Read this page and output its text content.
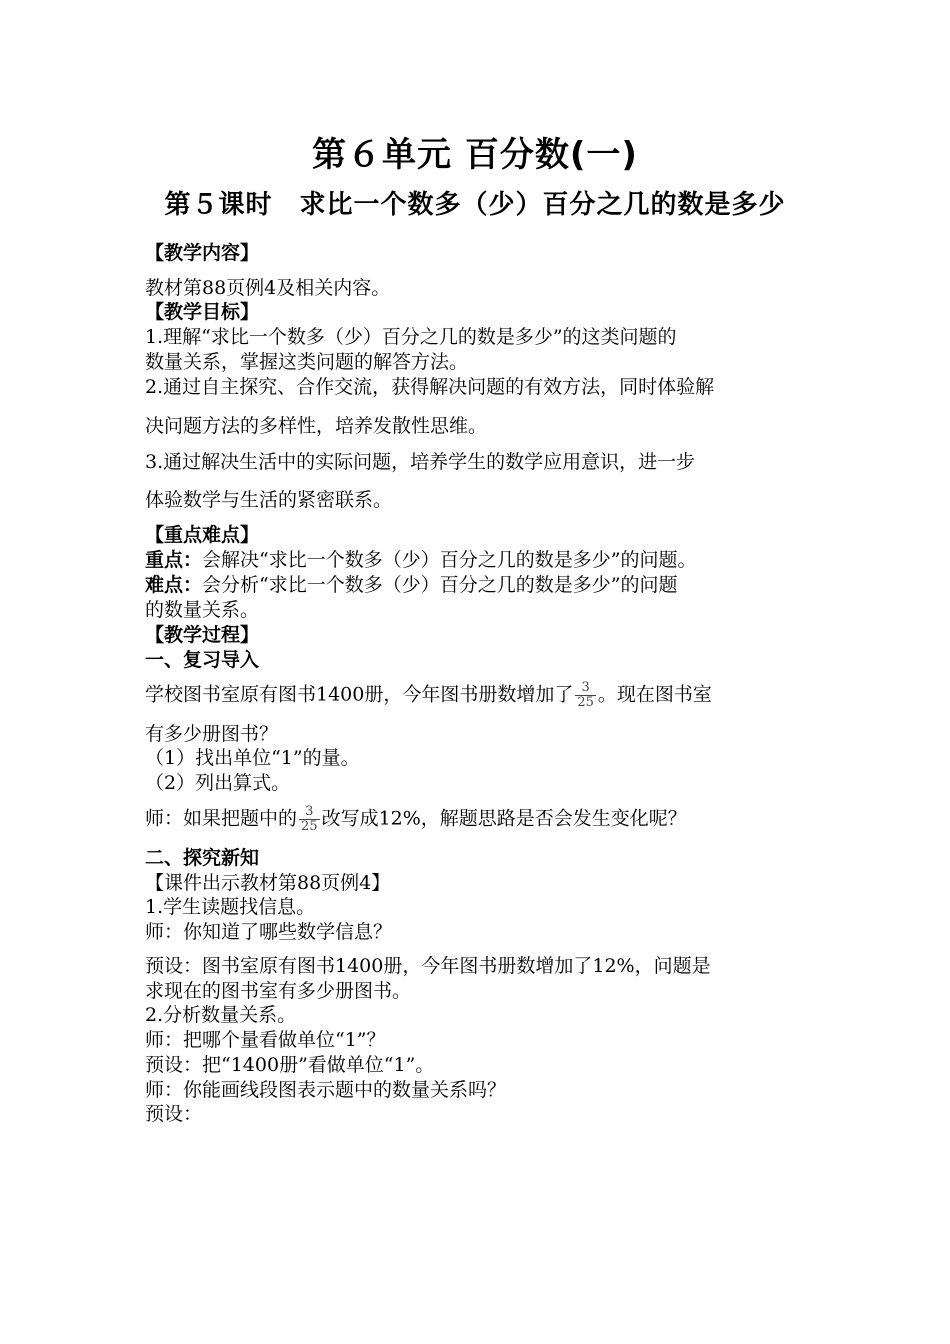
第６单元 百分数(一)
第５课时　求比一个数多（少）百分之几的数是多少
【教学内容】
教材第88页例4及相关内容。
【教学目标】
1.理解“求比一个数多（少）百分之几的数是多少”的这类问题的
数量关系，掌握这类问题的解答方法。
2.通过自主探究、合作交流，获得解决问题的有效方法，同时体验解
决问题方法的多样性，培养发散性思维。
3.通过解决生活中的实际问题，培养学生的数学应用意识，进一步
体验数学与生活的紧密联系。
【重点难点】
重点：会解决“求比一个数多（少）百分之几的数是多少”的问题。
难点：会分析“求比一个数多（少）百分之几的数是多少”的问题
的数量关系。
【教学过程】
一、复习导入
学校图书室原有图书1400册，今年图书册数增加了 $\frac{3}{25}$ 。现在图书室
有多少册图书？
（1）找出单位“1”的量。
（2）列出算式。
师：如果把题中的 $\frac{3}{25}$ 改写成12%，解题思路是否会发生变化呢？
二、探究新知
【课件出示教材第88页例4】
1.学生读题找信息。
师：你知道了哪些数学信息？
预设：图书室原有图书1400册，今年图书册数增加了12%，问题是
求现在的图书室有多少册图书。
2.分析数量关系。
师：把哪个量看做单位“1”？
预设：把“1400册”看做单位“1”。
师：你能画线段图表示题中的数量关系吗？
预设：
